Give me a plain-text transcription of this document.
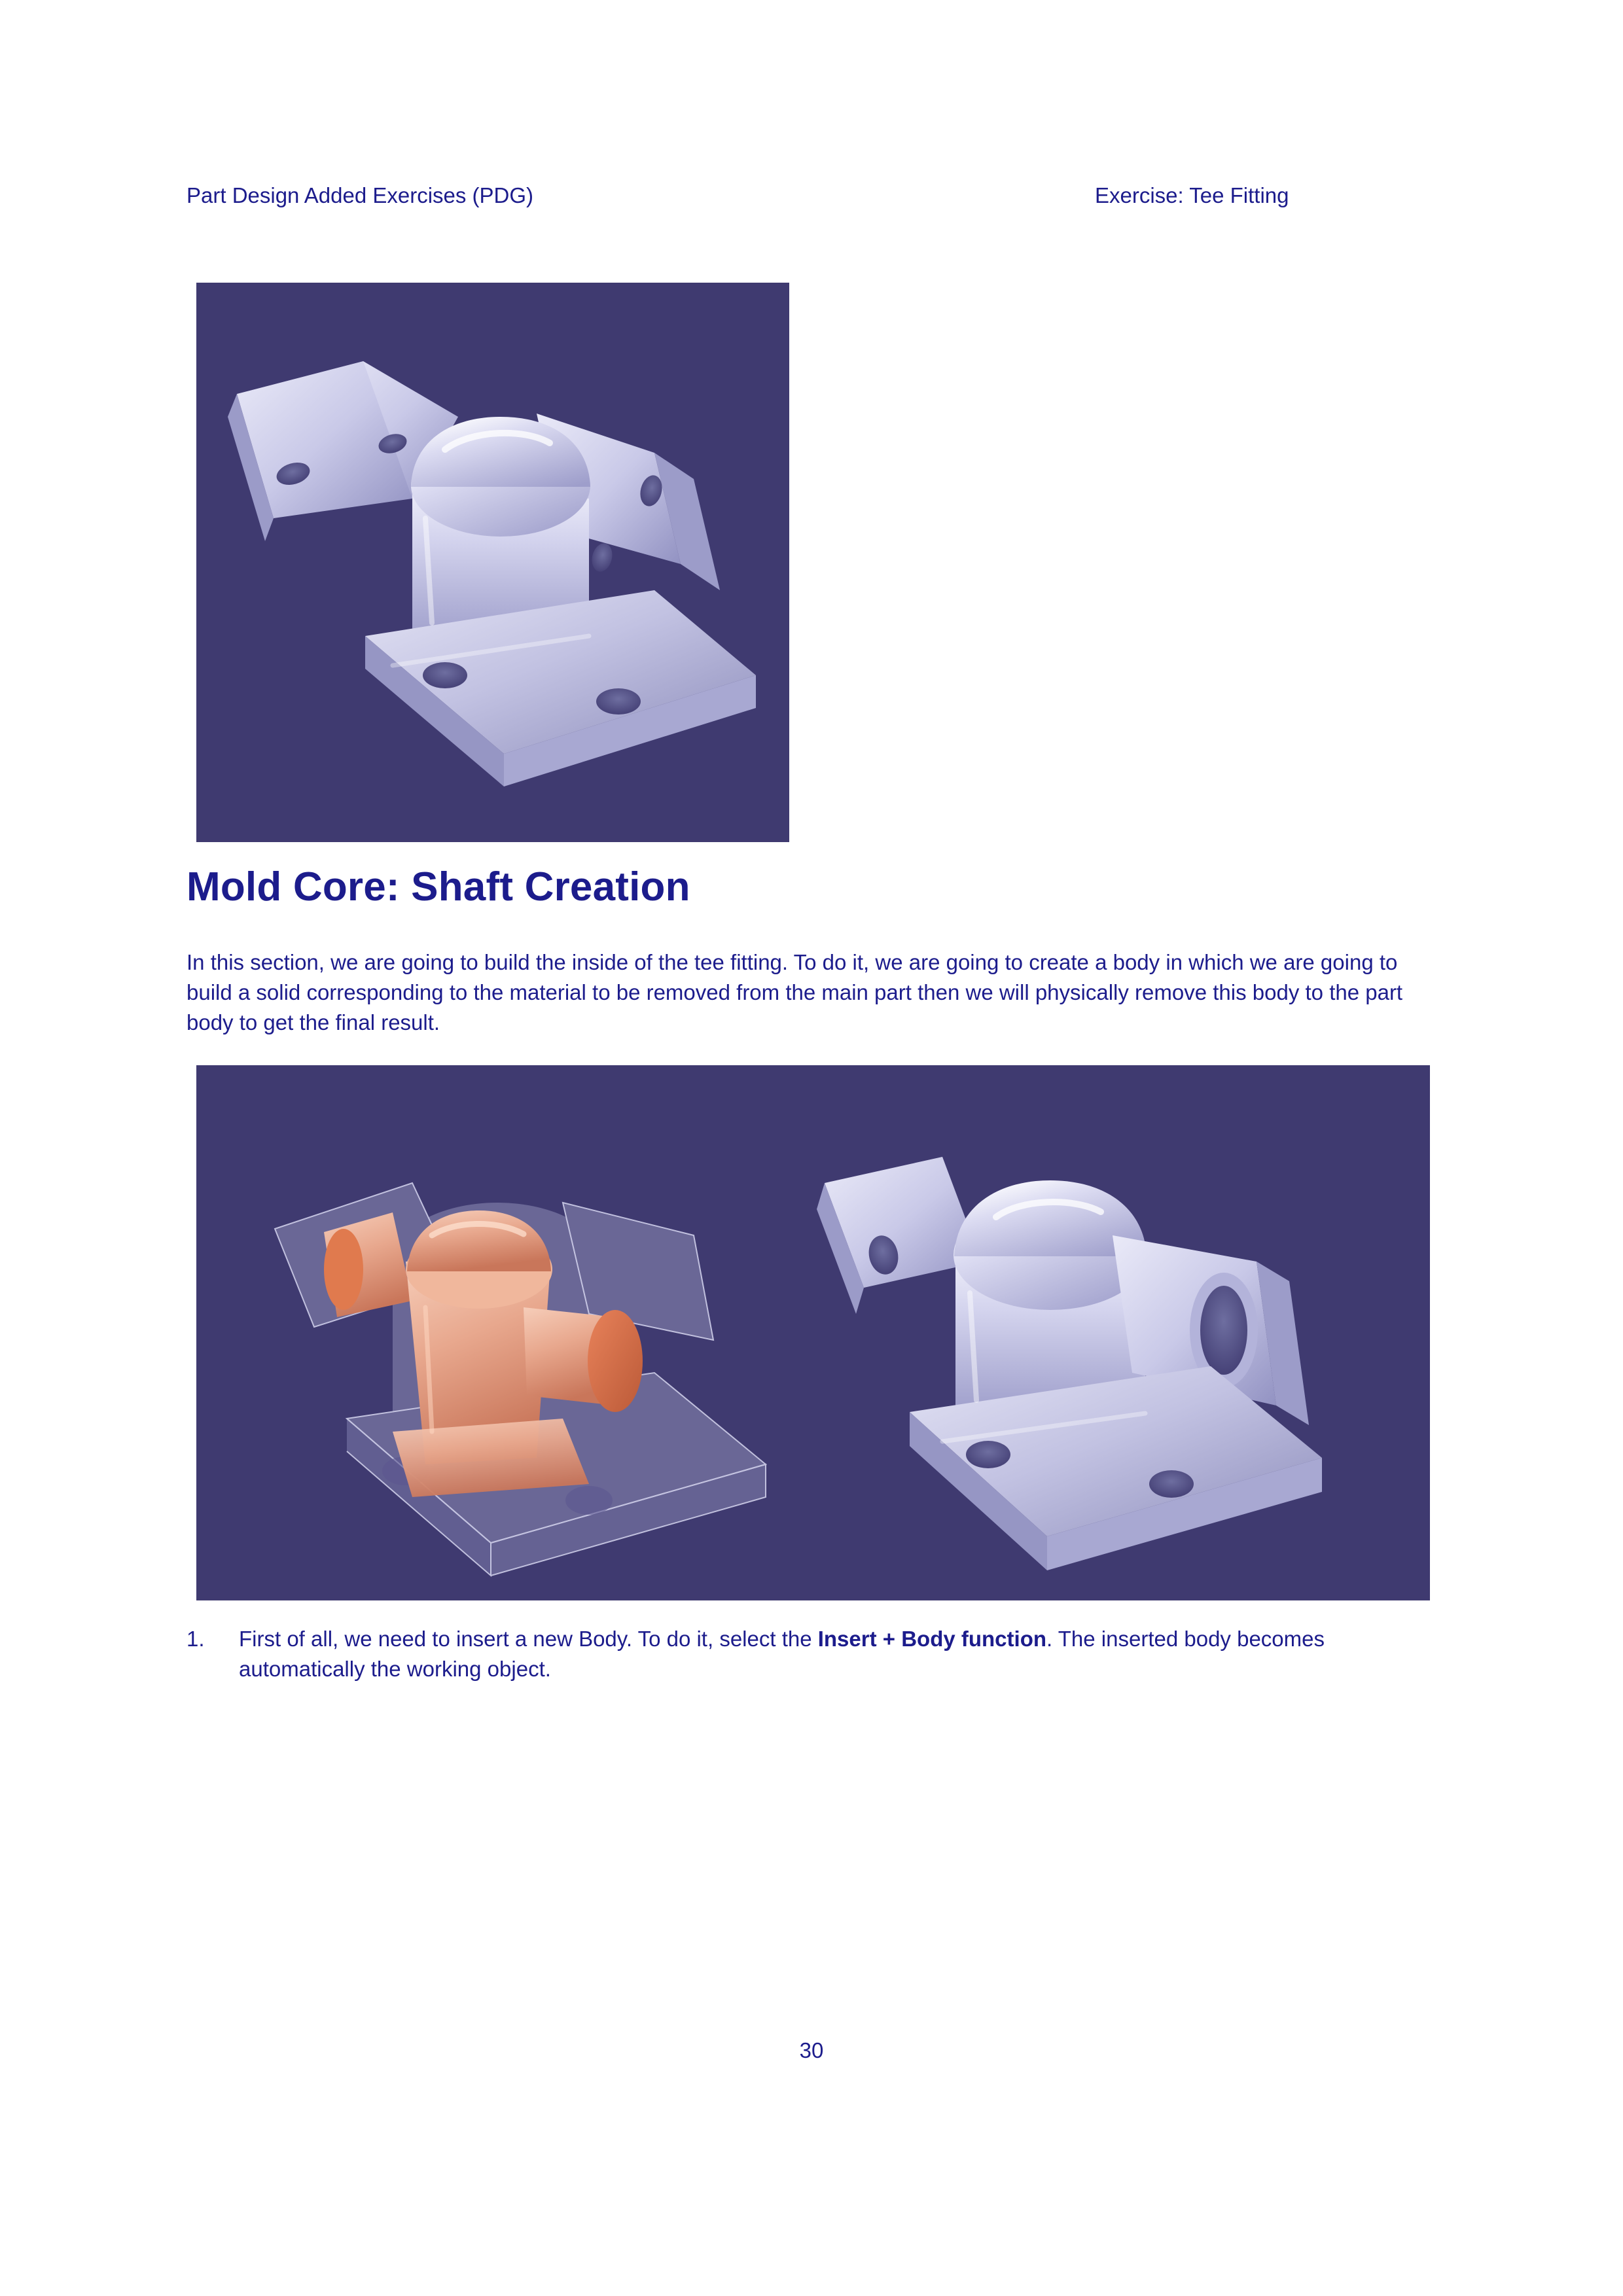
Part Design Added Exercises (PDG)	Exercise: Tee Fitting
Mold Core: Shaft Creation
In this section, we are going to build the inside of the tee fitting. To do it, we are going to create a body in which we are going to build a solid corresponding to the material to be removed from the main part then we will physically remove this body to the part body to get the final result.
1.	First of all, we need to insert a new Body. To do it, select the Insert + Body function. The inserted body becomes automatically the working object.
30
